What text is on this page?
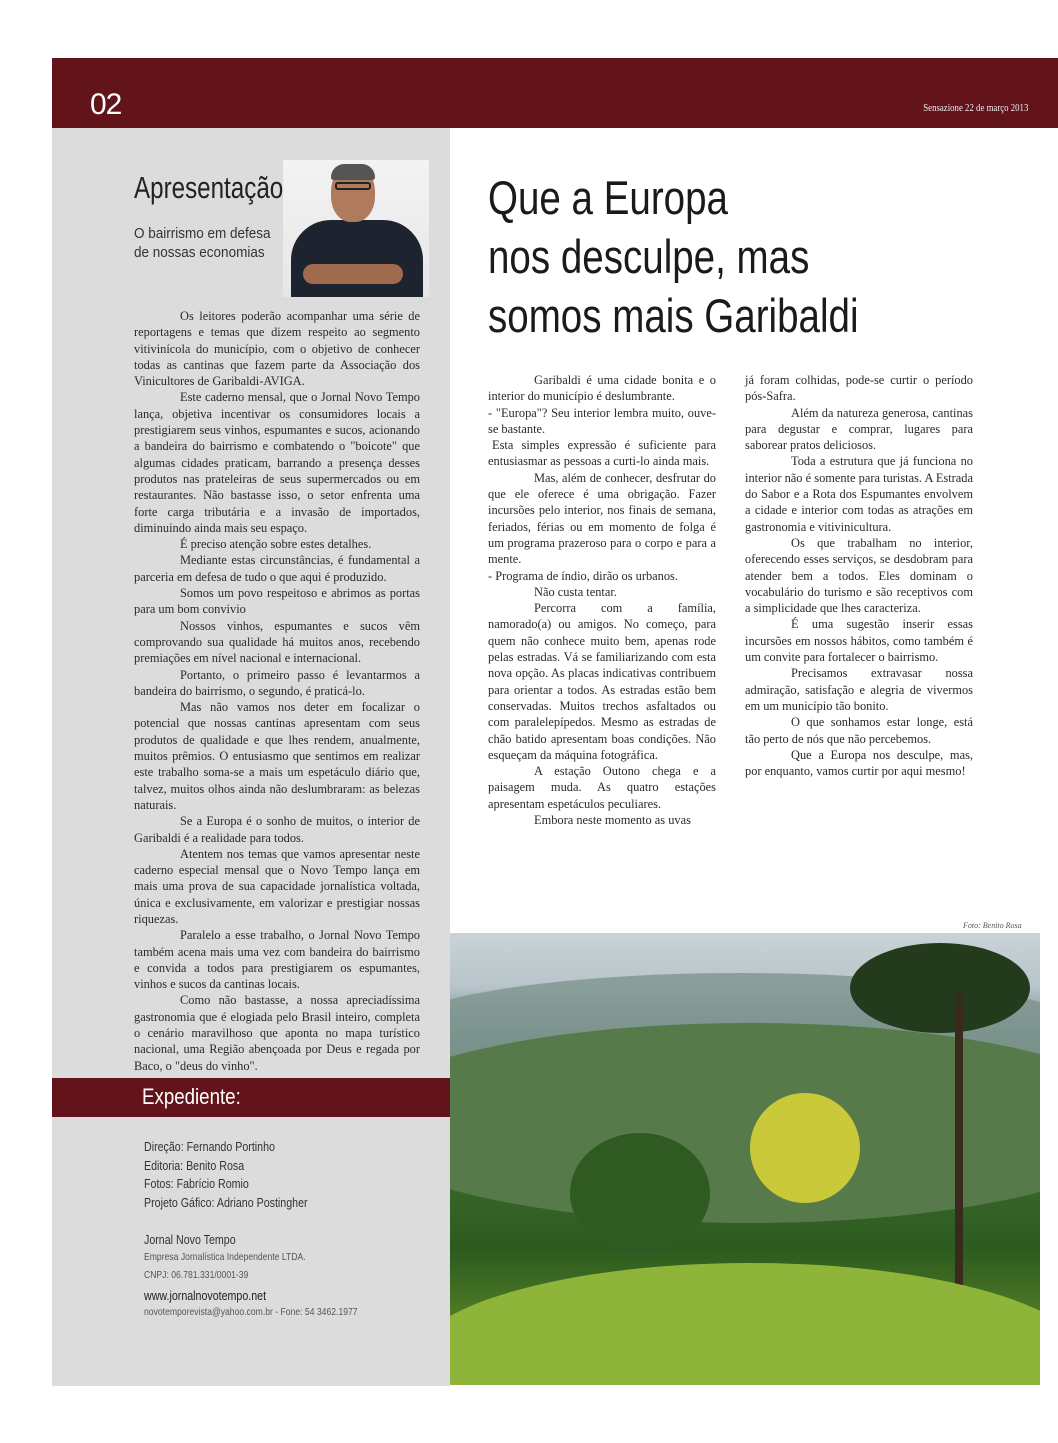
02	Sensazione 22 de março 2013
Apresentação
O bairrismo em defesa de nossas economias

Os leitores poderão acompanhar uma série de reportagens e temas que dizem respeito ao segmento vitivinícola do município, com o objetivo de conhecer todas as cantinas que fazem parte da Associação dos Vinicultores de Garibaldi-AVIGA.

Este caderno mensal, que o Jornal Novo Tempo lança, objetiva incentivar os consumidores locais a prestigiarem seus vinhos, espumantes e sucos, acionando a bandeira do bairrismo e combatendo o "boicote" que algumas cidades praticam, barrando a presença desses produtos nas prateleiras de seus supermercados ou em restaurantes. Não bastasse isso, o setor enfrenta uma forte carga tributária e a invasão de importados, diminuindo ainda mais seu espaço.

É preciso atenção sobre estes detalhes.

Mediante estas circunstâncias, é fundamental a parceria em defesa de tudo o que aqui é produzido.

Somos um povo respeitoso e abrimos as portas para um bom convivio

Nossos vinhos, espumantes e sucos vêm comprovando sua qualidade há muitos anos, recebendo premiações em nível nacional e internacional.

Portanto, o primeiro passo é levantarmos a bandeira do bairrismo, o segundo, é praticá-lo.

Mas não vamos nos deter em focalizar o potencial que nossas cantinas apresentam com seus produtos de qualidade e que lhes rendem, anualmente, muitos prêmios. O entusiasmo que sentimos em realizar este trabalho soma-se a mais um espetáculo diário que, talvez, muitos olhos ainda não deslumbraram: as belezas naturais.

Se a Europa é o sonho de muitos, o interior de Garibaldi é a realidade para todos.

Atentem nos temas que vamos apresentar neste caderno especial mensal que o Novo Tempo lança em mais uma prova de sua capacidade jornalística voltada, única e exclusivamente, em valorizar e prestigiar nossas riquezas.

Paralelo a esse trabalho, o Jornal Novo Tempo também acena mais uma vez com bandeira do bairrismo e convida a todos para prestigiarem os espumantes, vinhos e sucos da cantinas locais.

Como não bastasse, a nossa apreciadíssima gastronomia que é elogiada pelo Brasil inteiro, completa o cenário maravilhoso que aponta no mapa turístico nacional, uma Região abençoada por Deus e regada por Baco, o "deus do vinho".

Expediente:
Direção: Fernando Portinho
Editoria: Benito Rosa
Fotos: Fabrício Romio
Projeto Gáfico: Adriano Postingher
Jornal Novo Tempo
Empresa Jornalística Independente LTDA.
CNPJ: 06.781.331/0001-39
www.jornalnovotempo.net
novotemporevista@yahoo.com.br - Fone: 54 3462.1977
Que a Europa
nos desculpe, mas
somos mais Garibaldi

Garibaldi é uma cidade bonita e o interior do município é deslumbrante.

- "Europa"? Seu interior lembra muito, ouve-se bastante.

Esta simples expressão é suficiente para entusiasmar as pessoas a curti-lo ainda mais.

Mas, além de conhecer, desfrutar do que ele oferece é uma obrigação. Fazer incursões pelo interior, nos finais de semana, feriados, férias ou em momento de folga é um programa prazeroso para o corpo e para a mente.

- Programa de índio, dirão os urbanos.

Não custa tentar.

Percorra com a família, namorado(a) ou amigos. No começo, para quem não conhece muito bem, apenas rode pelas estradas. Vá se familiarizando com esta nova opção. As placas indicativas contribuem para orientar a todos. As estradas estão bem conservadas. Muitos trechos asfaltados ou com paralelepípedos. Mesmo as estradas de chão batido apresentam boas condições. Não esqueçam da máquina fotográfica.

A estação Outono chega e a paisagem muda. As quatro estações apresentam espetáculos peculiares.

Embora neste momento as uvas

já foram colhidas, pode-se curtir o período pós-Safra.

Além da natureza generosa, cantinas para degustar e comprar, lugares para saborear pratos deliciosos.

Toda a estrutura que já funciona no interior não é somente para turistas. A Estrada do Sabor e a Rota dos Espumantes envolvem a cidade e interior com todas as atrações em gastronomia e vitivinicultura.

Os que trabalham no interior, oferecendo esses serviços, se desdobram para atender bem a todos. Eles dominam o vocabulário do turismo e são receptivos com a simplicidade que lhes caracteriza.

É uma sugestão inserir essas incursões em nossos hábitos, como também é um convite para fortalecer o bairrismo.

Precisamos extravasar nossa admiração, satisfação e alegria de vivermos em um município tão bonito.

O que sonhamos estar longe, está tão perto de nós que não percebemos.

Que a Europa nos desculpe, mas, por enquanto, vamos curtir por aqui mesmo!

Foto: Benito Rosa
